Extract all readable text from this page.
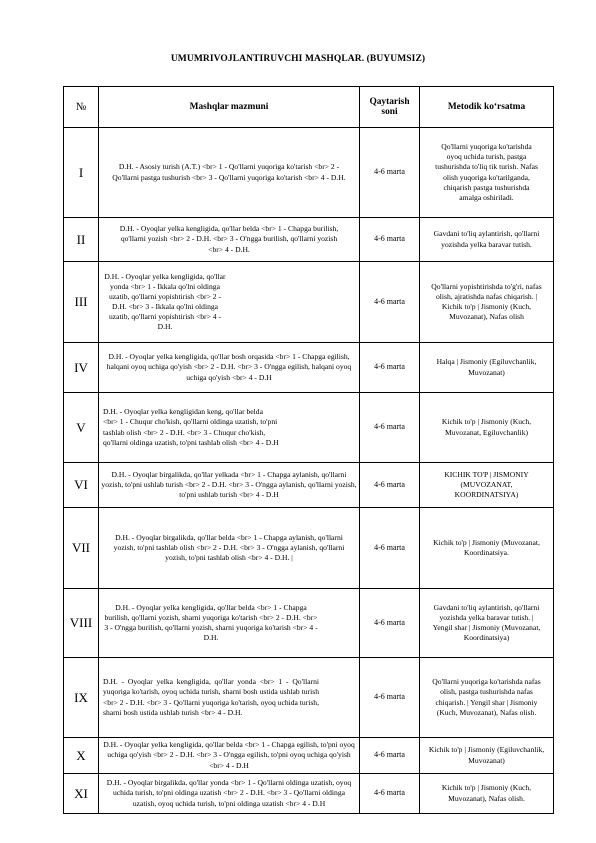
UMUMRIVOJLANTIRUVCHI MASHQLAR. (BUYUMSIZ)
№	Mashqlar mazmuni	Qaytarish soni	Metodik ko‘rsatma
I	D.H. - Asosiy turish (A.T.) <br> 1 - Qo'llarni yuqoriga ko'tarish <br> 2 - Qo'llarni pastga tushurish <br> 3 - Qo'llarni yuqoriga ko'tarish <br> 4 - D.H.	4-6 marta	Qo'llarni yuqoriga ko'tarishda oyoq uchida turish, pastga tushurishda to'liq tik turish. Nafas olish yuqoriga ko'tarilganda, chiqarish pastga tushurishda amalga oshiriladi.
II	D.H. - Oyoqlar yelka kengligida, qo'llar belda <br> 1 - Chapga burilish, qo'llarni yozish <br> 2 - D.H. <br> 3 - O'ngga burilish, qo'llarni yozish <br> 4 - D.H.	4-6 marta	Gavdani to'liq aylantirish, qo'llarni yozishda yelka baravar tutish.
III	D.H. - Oyoqlar yelka kengligida, qo'llar yonda <br> 1 - Ikkala qo'lni oldinga uzatib, qo'llarni yopishtirish <br> 2 - D.H. <br> 3 - Ikkala qo'lni oldinga uzatib, qo'llarni yopishtirish <br> 4 - D.H.	4-6 marta	Qo'llarni yopishtirishda to'g'ri, nafas olish, ajratishda nafas chiqarish. | Kichik to'p | Jismoniy (Kuch, Muvozanat), Nafas olish
IV	D.H. - Oyoqlar yelka kengligida, qo'llar bosh orqasida <br> 1 - Chapga egilish, halqani oyoq uchiga qo'yish <br> 2 - D.H. <br> 3 - O'ngga egilish, halqani oyoq uchiga qo'yish <br> 4 - D.H	4-6 marta	Halqa | Jismoniy (Egiluvchanlik, Muvozanat)
V	D.H. - Oyoqlar yelka kengligidan keng, qo'llar belda <br> 1 - Chuqur cho'kish, qo'llarni oldinga uzatish, to'pni tashlab olish <br> 2 - D.H. <br> 3 - Chuqur cho'kish, qo'llarni oldinga uzatish, to'pni tashlab olish <br> 4 - D.H	4-6 marta	Kichik to'p | Jismoniy (Kuch, Muvozanat, Egiluvchanlik)
VI	D.H. - Oyoqlar birgalikda, qo'llar yelkada <br> 1 - Chapga aylanish, qo'llarni yozish, to'pni ushlab turish <br> 2 - D.H. <br> 3 - O'ngga aylanish, qo'llarni yozish, to'pni ushlab turish <br> 4 - D.H	4-6 marta	KICHIK TO'P | JISMONIY (MUVOZANAT, KOORDINATSIYA)
VII	D.H. - Oyoqlar birgalikda, qo'llar belda <br> 1 - Chapga aylanish, qo'llarni yozish, to'pni tashlab olish <br> 2 - D.H. <br> 3 - O'ngga aylanish, qo'llarni yozish, to'pni tashlab olish <br> 4 - D.H. |	4-6 marta	Kichik to'p | Jismoniy (Muvozanat, Koordinatsiya.
VIII	D.H. - Oyoqlar yelka kengligida, qo'llar belda <br> 1 - Chapga burilish, qo'llarni yozish, sharni yuqoriga ko'tarish <br> 2 - D.H. <br> 3 - O'ngga burilish, qo'llarni yozish, sharni yuqoriga ko'tarish <br> 4 - D.H.	4-6 marta	Gavdani to'liq aylantirish, qo'llarni yozishda yelka baravar tutish. | Yengil shar | Jismoniy (Muvozanat, Koordinatsiya)
IX	D.H. - Oyoqlar yelka kengligida, qo'llar yonda <br> 1 - Qo'llarni yuqoriga ko'tarish, oyoq uchida turish, sharni bosh ustida ushlab turish <br> 2 - D.H. <br> 3 - Qo'llarni yuqoriga ko'tarish, oyoq uchida turish, sharni bosh ustida ushlab turish <br> 4 - D.H.	4-6 marta	Qo'llarni yuqoriga ko'tarishda nafas olish, pastga tushurishda nafas chiqarish. | Yengil shar | Jismoniy (Kuch, Muvozanat), Nafas olish.
X	D.H. - Oyoqlar yelka kengligida, qo'llar belda <br> 1 - Chapga egilish, to'pni oyoq uchiga qo'yish <br> 2 - D.H. <br> 3 - O'ngga egilish, to'pni oyoq uchiga qo'yish <br> 4 - D.H	4-6 marta	Kichik to'p | Jismoniy (Egiluvchanlik, Muvozanat)
XI	D.H. - Oyoqlar birgalikda, qo'llar yonda <br> 1 - Qo'llarni oldinga uzatish, oyoq uchida turish, to'pni oldinga uzatish <br> 2 - D.H. <br> 3 - Qo'llarni oldinga uzatish, oyoq uchida turish, to'pni oldinga uzatish <br> 4 - D.H	4-6 marta	Kichik to'p | Jismoniy (Kuch, Muvozanat), Nafas olish.
